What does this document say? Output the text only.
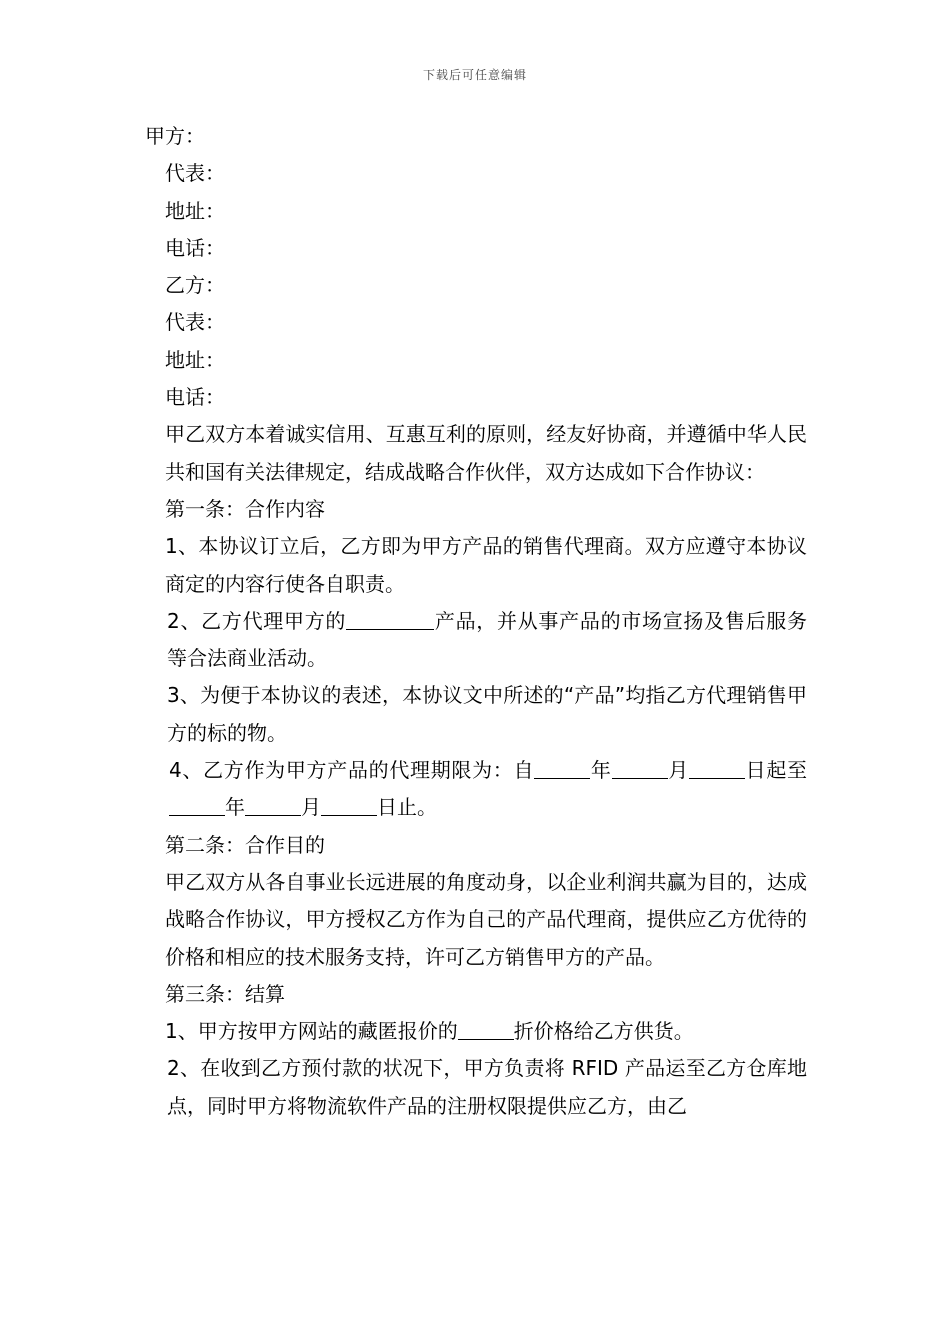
下载后可任意编辑
甲方：
代表：
地址：
电话：
乙方：
代表：
地址：
电话：
甲乙双方本着诚实信用、互惠互利的原则，经友好协商，并遵循中华人民共和国有关法律规定，结成战略合作伙伴，双方达成如下合作协议：
第一条：合作内容
1、本协议订立后，乙方即为甲方产品的销售代理商。双方应遵守本协议商定的内容行使各自职责。
2、乙方代理甲方的	产品，并从事产品的市场宣扬及售后服务等合法商业活动。
3、为便于本协议的表述，本协议文中所述的“产品”均指乙方代理销售甲方的标的物。
4、乙方作为甲方产品的代理期限为：自	年	月	日起至年	月	日止。
第二条：合作目的
甲乙双方从各自事业长远进展的角度动身，以企业利润共赢为目的，达成战略合作协议，甲方授权乙方作为自己的产品代理商，提供应乙方优待的价格和相应的技术服务支持，许可乙方销售甲方的产品。
第三条：结算
1、甲方按甲方网站的藏匿报价的	折价格给乙方供货。
2、在收到乙方预付款的状况下，甲方负责将 RFID 产品运至乙方仓库地点，同时甲方将物流软件产品的注册权限提供应乙方，由乙
